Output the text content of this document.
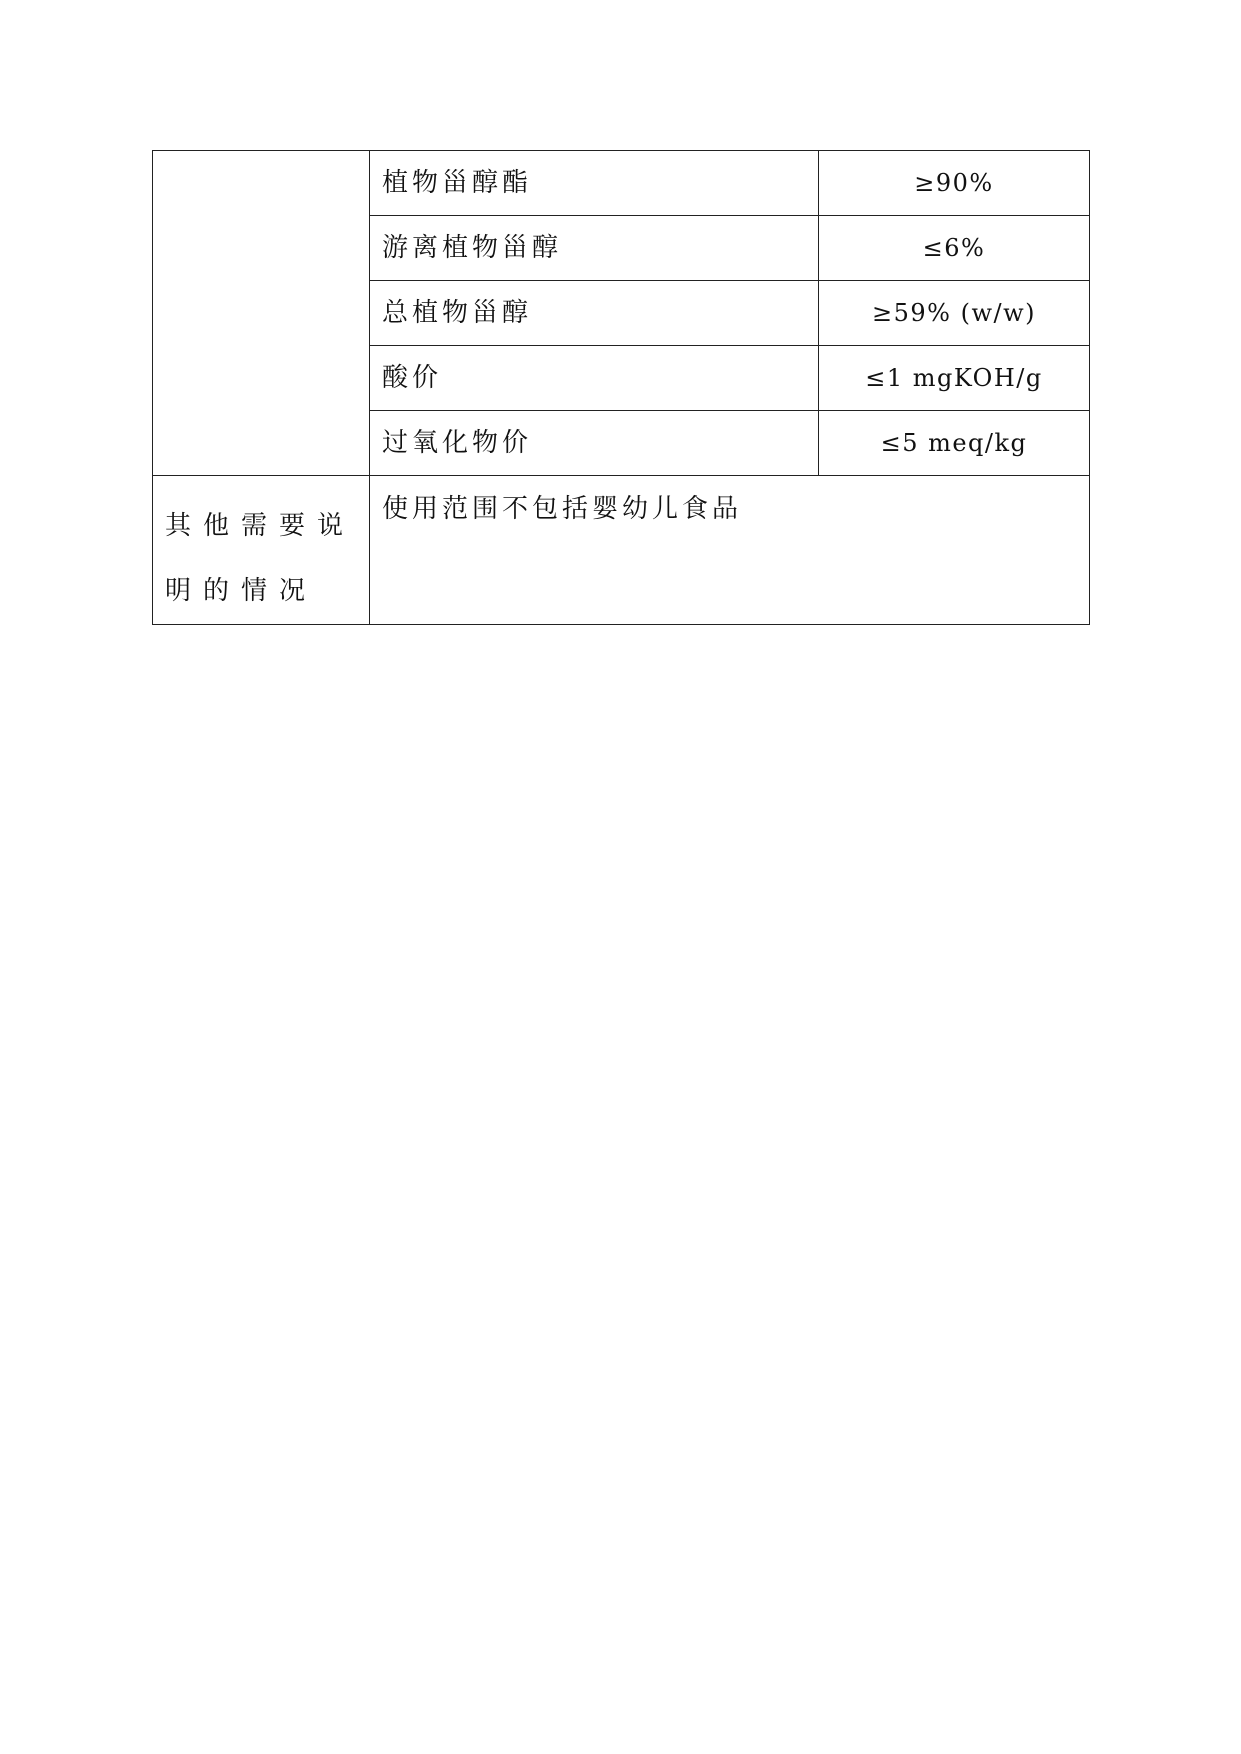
	植物甾醇酯	≥90%
	游离植物甾醇	≤6%
	总植物甾醇	≥59% (w/w)
	酸价	≤1 mgKOH/g
	过氧化物价	≤5 meq/kg
其他需要说明的情况	使用范围不包括婴幼儿食品	
